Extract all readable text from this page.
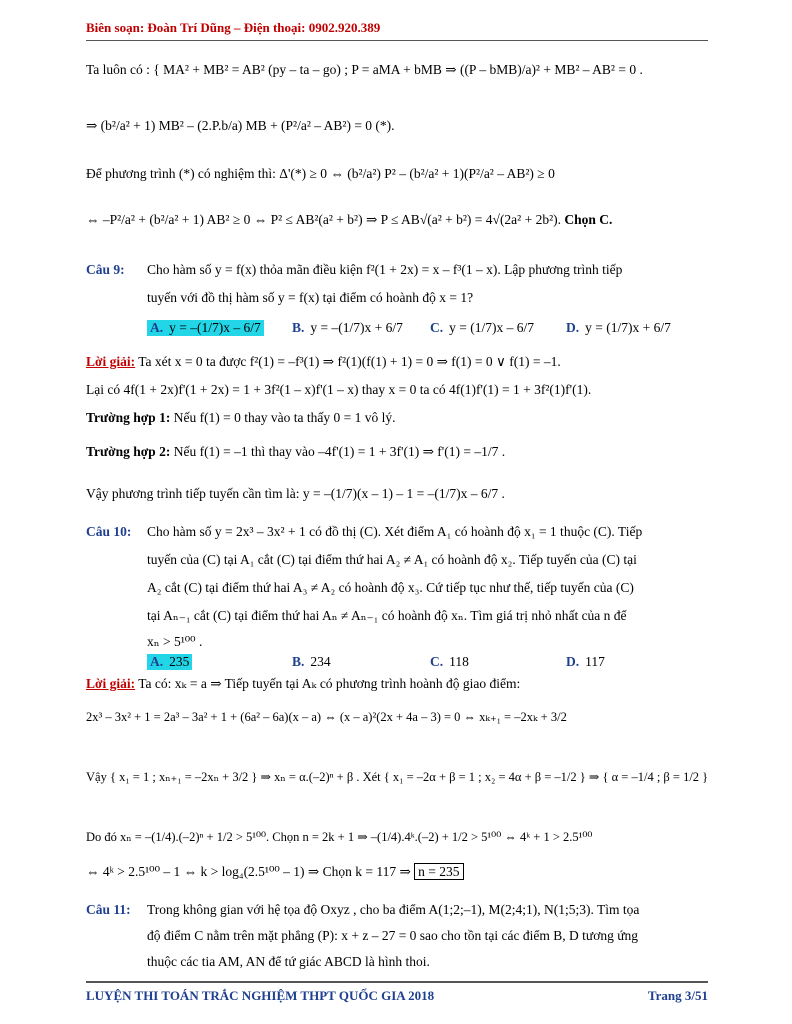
Biên soạn: Đoàn Trí Dũng – Điện thoại: 0902.920.389
Ta luôn có : { MA² + MB² = AB² (py – ta – go) ; P = aMA + bMB ⇒ ((P – bMB)/a)² + MB² – AB² = 0 .
⇒ (b²/a² + 1) MB² – (2.P.b/a) MB + (P²/a² – AB²) = 0 (*).
Để phương trình (*) có nghiệm thì: Δ'(*) ≥ 0 ⇔ (b²/a²) P² – (b²/a² + 1)(P²/a² – AB²) ≥ 0
⇔ –P²/a² + (b²/a² + 1) AB² ≥ 0 ⇔ P² ≤ AB²(a² + b²) ⇒ P ≤ AB√(a² + b²) = 4√(2a² + 2b²). Chọn C.
Câu 9: Cho hàm số y = f(x) thỏa mãn điều kiện f²(1 + 2x) = x – f³(1 – x). Lập phương trình tiếp
tuyến với đồ thị hàm số y = f(x) tại điểm có hoành độ x = 1?
A. y = –(1/7)x – 6/7 B. y = –(1/7)x + 6/7 C. y = (1/7)x – 6/7 D. y = (1/7)x + 6/7
Lời giải: Ta xét x = 0 ta được f²(1) = –f³(1) ⇒ f²(1)(f(1) + 1) = 0 ⇒ f(1) = 0 ∨ f(1) = –1.
Lại có 4f(1 + 2x)f'(1 + 2x) = 1 + 3f²(1 – x)f'(1 – x) thay x = 0 ta có 4f(1)f'(1) = 1 + 3f²(1)f'(1).
Trường hợp 1: Nếu f(1) = 0 thay vào ta thấy 0 = 1 vô lý.
Trường hợp 2: Nếu f(1) = –1 thì thay vào –4f'(1) = 1 + 3f'(1) ⇒ f'(1) = –1/7 .
Vậy phương trình tiếp tuyến cần tìm là: y = –(1/7)(x – 1) – 1 = –(1/7)x – 6/7 .
Câu 10: Cho hàm số y = 2x³ – 3x² + 1 có đồ thị (C). Xét điểm A₁ có hoành độ x₁ = 1 thuộc (C). Tiếp
tuyến của (C) tại A₁ cắt (C) tại điểm thứ hai A₂ ≠ A₁ có hoành độ x₂. Tiếp tuyến của (C) tại
A₂ cắt (C) tại điểm thứ hai A₃ ≠ A₂ có hoành độ x₃. Cứ tiếp tục như thế, tiếp tuyến của (C)
tại Aₙ₋₁ cắt (C) tại điểm thứ hai Aₙ ≠ Aₙ₋₁ có hoành độ xₙ. Tìm giá trị nhỏ nhất của n để
xₙ > 5¹⁰⁰ .
A. 235	B. 234	C. 118	D. 117
Lời giải: Ta có: xₖ = a ⇒ Tiếp tuyến tại Aₖ có phương trình hoành độ giao điểm:
2x³ – 3x² + 1 = 2a³ – 3a² + 1 + (6a² – 6a)(x – a) ⇔ (x – a)²(2x + 4a – 3) = 0 ⇔ xₖ₊₁ = –2xₖ + 3/2
Vậy { x₁ = 1 ; xₙ₊₁ = –2xₙ + 3/2 } ⇒ xₙ = α.(–2)ⁿ + β . Xét { x₁ = –2α + β = 1 ; x₂ = 4α + β = –1/2 } ⇒ { α = –1/4 ; β = 1/2 }
Do đó xₙ = –(1/4).(–2)ⁿ + 1/2 > 5¹⁰⁰. Chọn n = 2k + 1 ⇒ –(1/4).4ᵏ.(–2) + 1/2 > 5¹⁰⁰ ⇔ 4ᵏ + 1 > 2.5¹⁰⁰
⇔ 4ᵏ > 2.5¹⁰⁰ – 1 ⇔ k > log₄(2.5¹⁰⁰ – 1) ⇒ Chọn k = 117 ⇒ n = 235
Câu 11: Trong không gian với hệ tọa độ Oxyz , cho ba điểm A(1;2;–1), M(2;4;1), N(1;5;3). Tìm tọa
độ điểm C nằm trên mặt phẳng (P): x + z – 27 = 0 sao cho tồn tại các điểm B, D tương ứng
thuộc các tia AM, AN để tứ giác ABCD là hình thoi.
LUYỆN THI TOÁN TRẮC NGHIỆM THPT QUỐC GIA 2018	Trang 3/51
